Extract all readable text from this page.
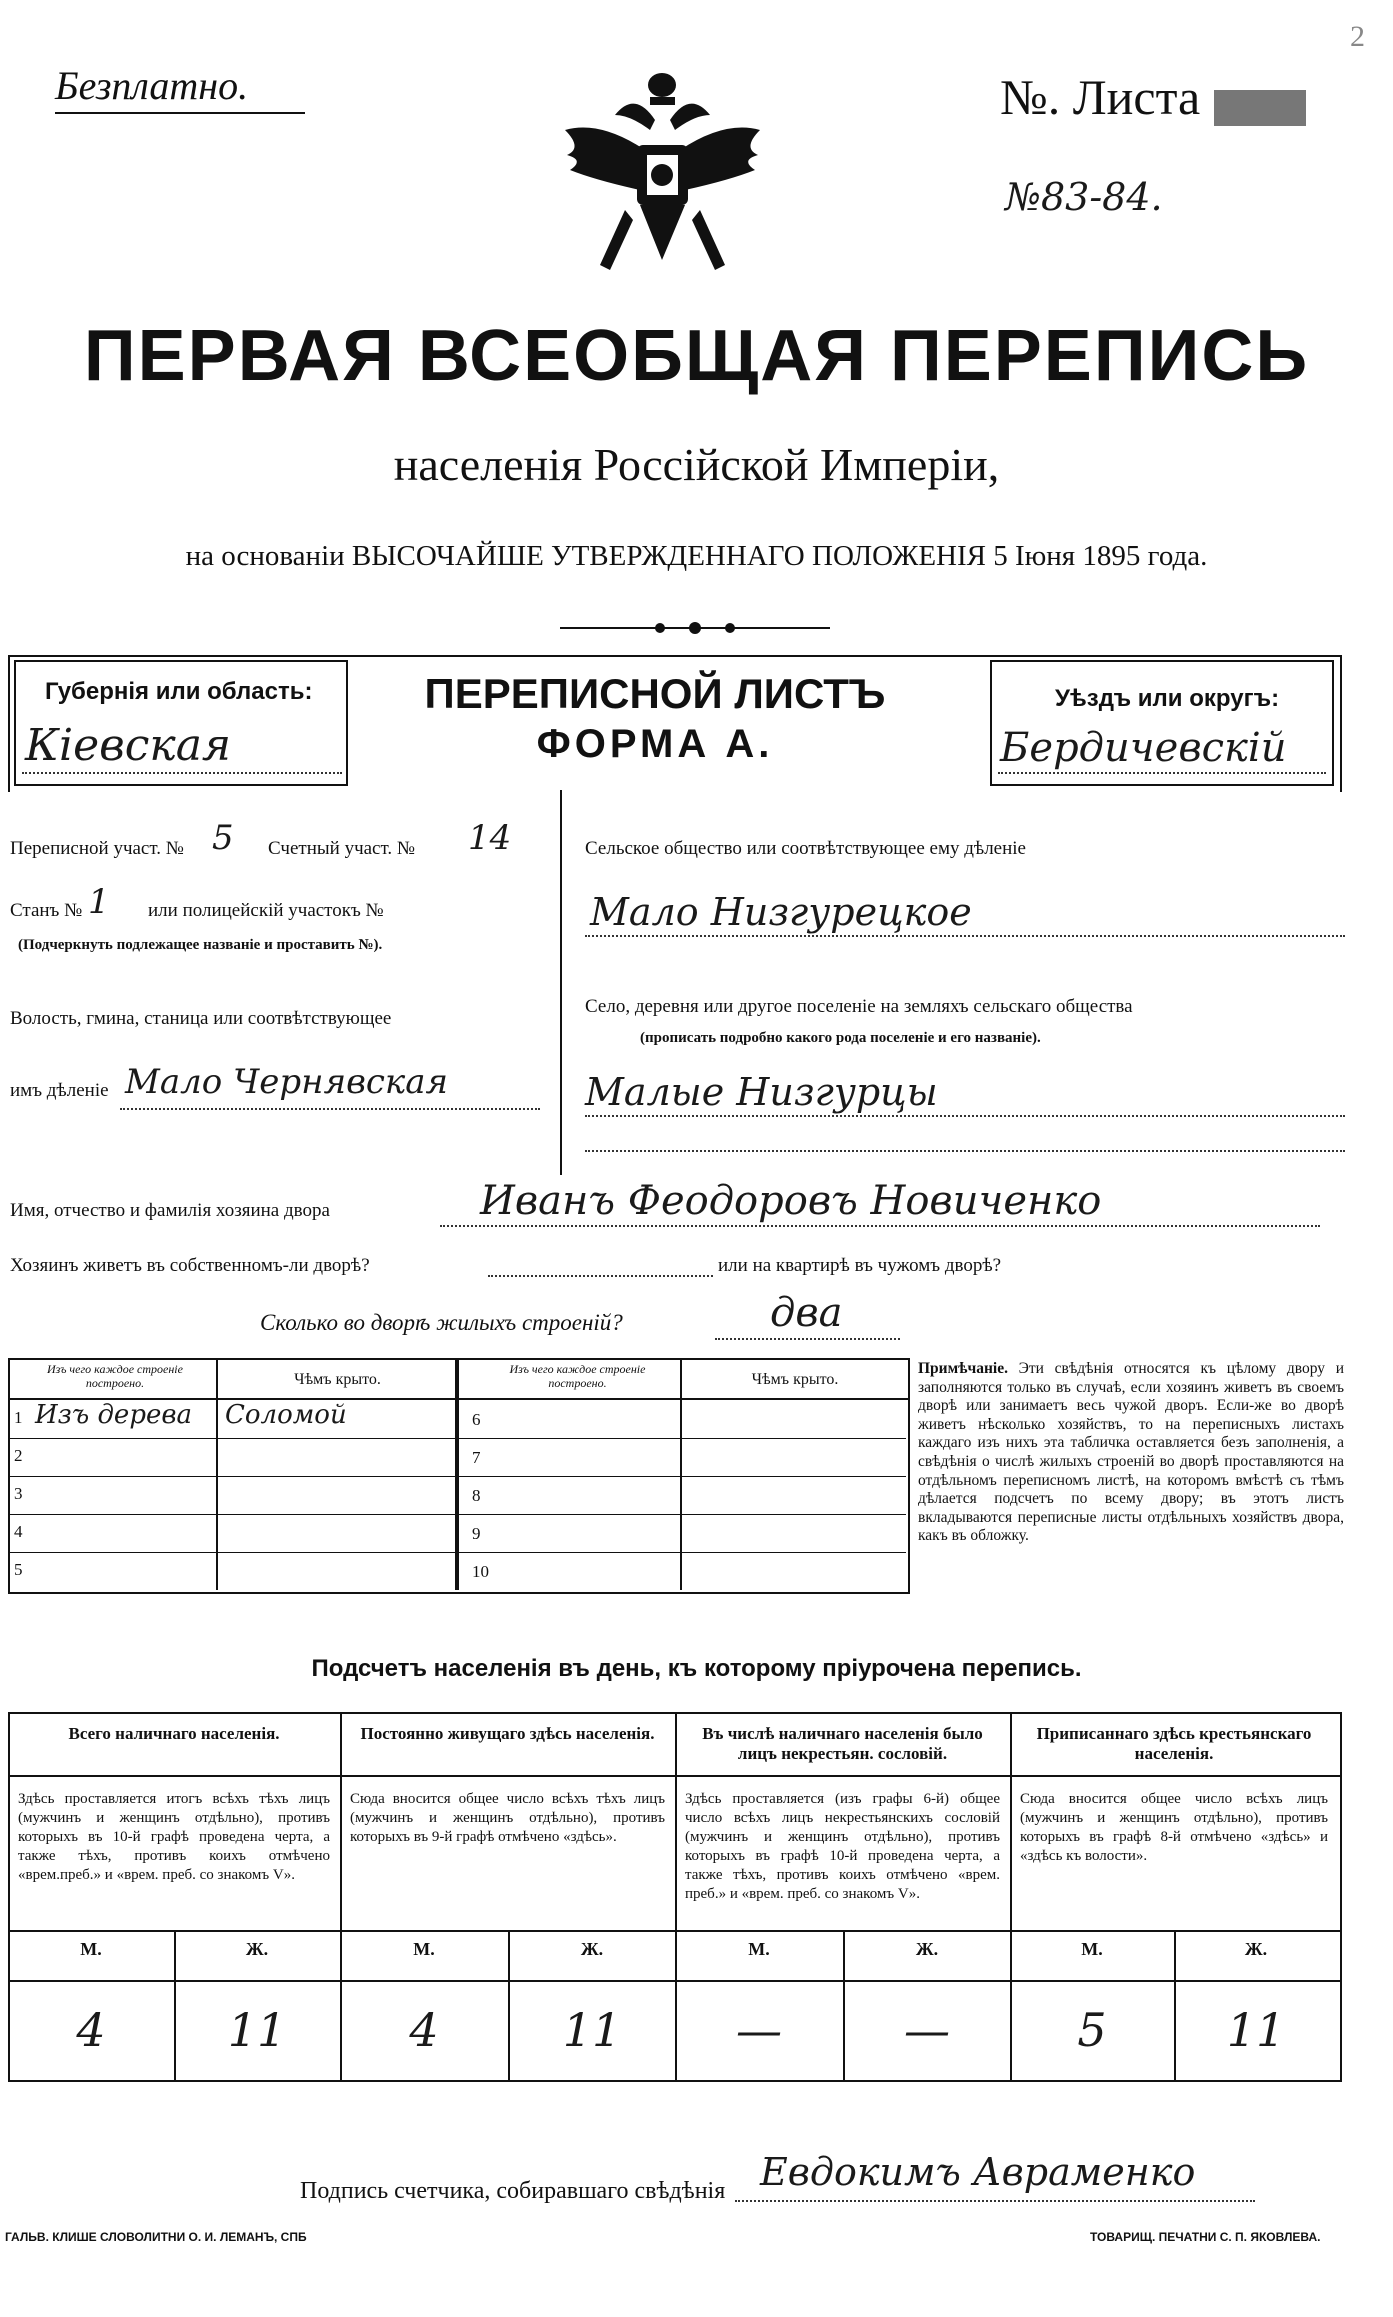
Безплатно.
2
№. Листа
№83-84.
ПЕРВАЯ ВСЕОБЩАЯ ПЕРЕПИСЬ
населенія Россійской Имперіи,
на основаніи ВЫСОЧАЙШЕ УТВЕРЖДЕННАГО ПОЛОЖЕНІЯ 5 Іюня 1895 года.
Губернія или область:
Кіевская
ПЕРЕПИСНОЙ ЛИСТЪ
ФОРМА А.
Уѣздъ или округъ:
Бердичевскій
Переписной участ. № 5 Счетный участ. № 14
Станъ № 1 или полицейскій участокъ №
(Подчеркнуть подлежащее названіе и проставить №).
Волость, гмина, станица или соотвѣтствующее
имъ дѣленіе Мало Чернявская
Сельское общество или соотвѣтствующее ему дѣленіе
Мало Низгурецкое
Село, деревня или другое поселеніе на земляхъ сельскаго общества
(прописать подробно какого рода поселеніе и его названіе).
Малые Низгурцы
Имя, отчество и фамилія хозяина двора	Иванъ Феодоровъ Новиченко
Хозяинъ живетъ въ собственномъ-ли дворѣ?	или на квартирѣ въ чужомъ дворѣ?
Сколько во дворѣ жилыхъ строеній?	два
Изъ чего каждое строеніе построено.	Чѣмъ крыто.
Изъ чего каждое строеніе построено.	Чѣмъ крыто.
1 Изъ дерева Соломой
2
3
4
5
6
7
8
9
10
Примѣчаніе. Эти свѣдѣнія относятся къ цѣлому двору и заполняются только въ случаѣ, если хозяинъ живетъ въ своемъ дворѣ или занимаетъ весь чужой дворъ. Если-же во дворѣ живетъ нѣсколько хозяйствъ, то на переписныхъ листахъ каждаго изъ нихъ эта табличка оставляется безъ заполненія, а свѣдѣнія о числѣ жилыхъ строеній во дворѣ проставляются на отдѣльномъ переписномъ листѣ, на которомъ вмѣстѣ съ тѣмъ дѣлается подсчетъ по всему двору; въ этотъ листъ вкладываются переписные листы отдѣльныхъ хозяйствъ двора, какъ въ обложку.
Подсчетъ населенія въ день, къ которому пріурочена перепись.
Всего наличнаго населенія.
Здѣсь проставляется итогъ всѣхъ тѣхъ лицъ (мужчинъ и женщинъ отдѣльно), противъ которыхъ въ 10-й графѣ проведена черта, а также тѣхъ, противъ коихъ отмѣчено «врем.преб.» и «врем. преб. со знакомъ V».
М.	Ж.
4	11
Постоянно живущаго здѣсь населенія.
Сюда вносится общее число всѣхъ тѣхъ лицъ (мужчинъ и женщинъ отдѣльно), противъ которыхъ въ 9-й графѣ отмѣчено «здѣсь».
М.	Ж.
4	11
Въ числѣ наличнаго населенія было лицъ некрестьян. сословій.
Здѣсь проставляется (изъ графы 6-й) общее число всѣхъ лицъ некрестьянскихъ сословій (мужчинъ и женщинъ отдѣльно), противъ которыхъ въ графѣ 10-й проведена черта, а также тѣхъ, противъ коихъ отмѣчено «врем. преб.» и «врем. преб. со знакомъ V».
М.	Ж.
—	—
Приписаннаго здѣсь крестьянскаго населенія.
Сюда вносится общее число всѣхъ лицъ (мужчинъ и женщинъ отдѣльно), противъ которыхъ въ графѣ 8-й отмѣчено «здѣсь» и «здѣсь къ волости».
М.	Ж.
5	11
Подпись счетчика, собиравшаго свѣдѣнія Евдокимъ Авраменко
ГАЛЬВ. КЛИШЕ СЛОВОЛИТНИ О. И. ЛЕМАНЪ, СПБ	ТОВАРИЩ. ПЕЧАТНИ С. П. ЯКОВЛЕВА.
